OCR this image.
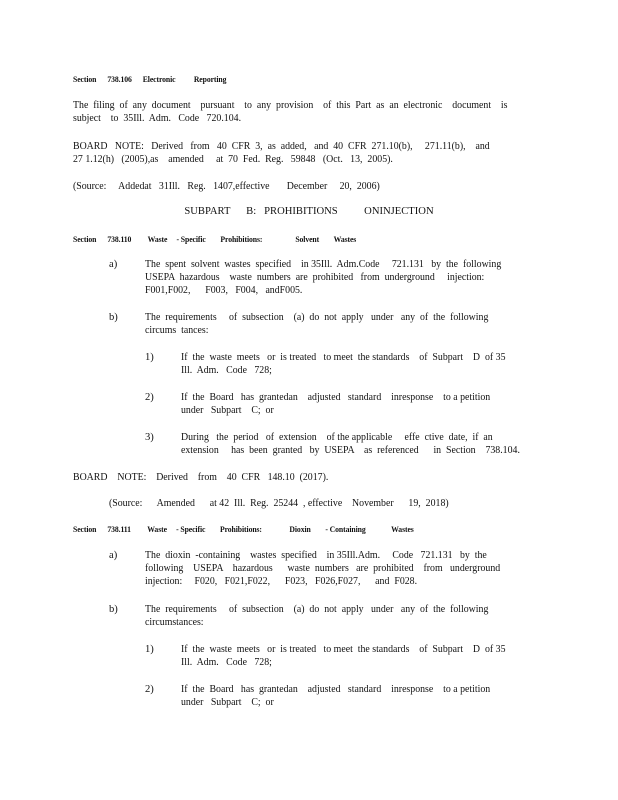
Section      738.106      Electronic          Reporting

The  filing  of  any  document    pursuant    to  any  provision    of  this  Part  as  an  electronic    document    is

subject    to  35Ill.  Adm.   Code   720.104.

BOARD   NOTE:   Derived   from   40  CFR  3,  as  added,   and  40  CFR  271.10(b),     271.11(b),    and

27 1.12(h)   (2005),as    amended     at  70  Fed.  Reg.   59848   (Oct.   13,  2005).

(Source:     Addedat   31Ill.   Reg.   1407,effective       December     20,  2006)

SUBPART      B:   PROHIBITIONS          ONINJECTION

Section      738.110         Waste     - Specific        Prohibitions:                  Solvent        Wastes

a)	The  spent  solvent  wastes  specified    in 35Ill.  Adm.Code     721.131   by  the  following

USEPA  hazardous    waste  numbers  are  prohibited   from  underground     injection:

F001,F002,      F003,   F004,   andF005.

b)	The  requirements     of  subsection    (a)  do  not  apply   under   any  of  the  following

circums  tances:

1)	If  the  waste  meets   or  is treated   to meet  the standards    of  Subpart    D  of 35

Ill.  Adm.   Code   728;

2)	If  the  Board   has  grantedan    adjusted   standard    inresponse    to a petition

under   Subpart    C;  or

3)	During   the  period   of  extension    of the applicable     effe  ctive  date,  if  an

extension     has  been  granted   by  USEPA    as  referenced      in  Section    738.104.

BOARD    NOTE:    Derived    from    40  CFR   148.10  (2017).

(Source:      Amended      at 42  Ill.  Reg.  25244  , effective    November      19,  2018)

Section      738.111         Waste     - Specific        Prohibitions:               Dioxin        - Containing              Wastes

a)	The  dioxin  -containing    wastes  specified    in 35Ill.Adm.     Code   721.131   by  the

following    USEPA    hazardous      waste  numbers   are  prohibited    from   underground

injection:     F020,   F021,F022,      F023,   F026,F027,      and  F028.

b)	The  requirements     of  subsection    (a)  do  not  apply   under   any  of  the  following

circumstances:

1)	If  the  waste  meets   or  is treated   to meet  the standards    of  Subpart    D  of 35

Ill.  Adm.   Code   728;

2)	If  the  Board   has  grantedan    adjusted   standard    inresponse    to a petition

under   Subpart    C;  or
